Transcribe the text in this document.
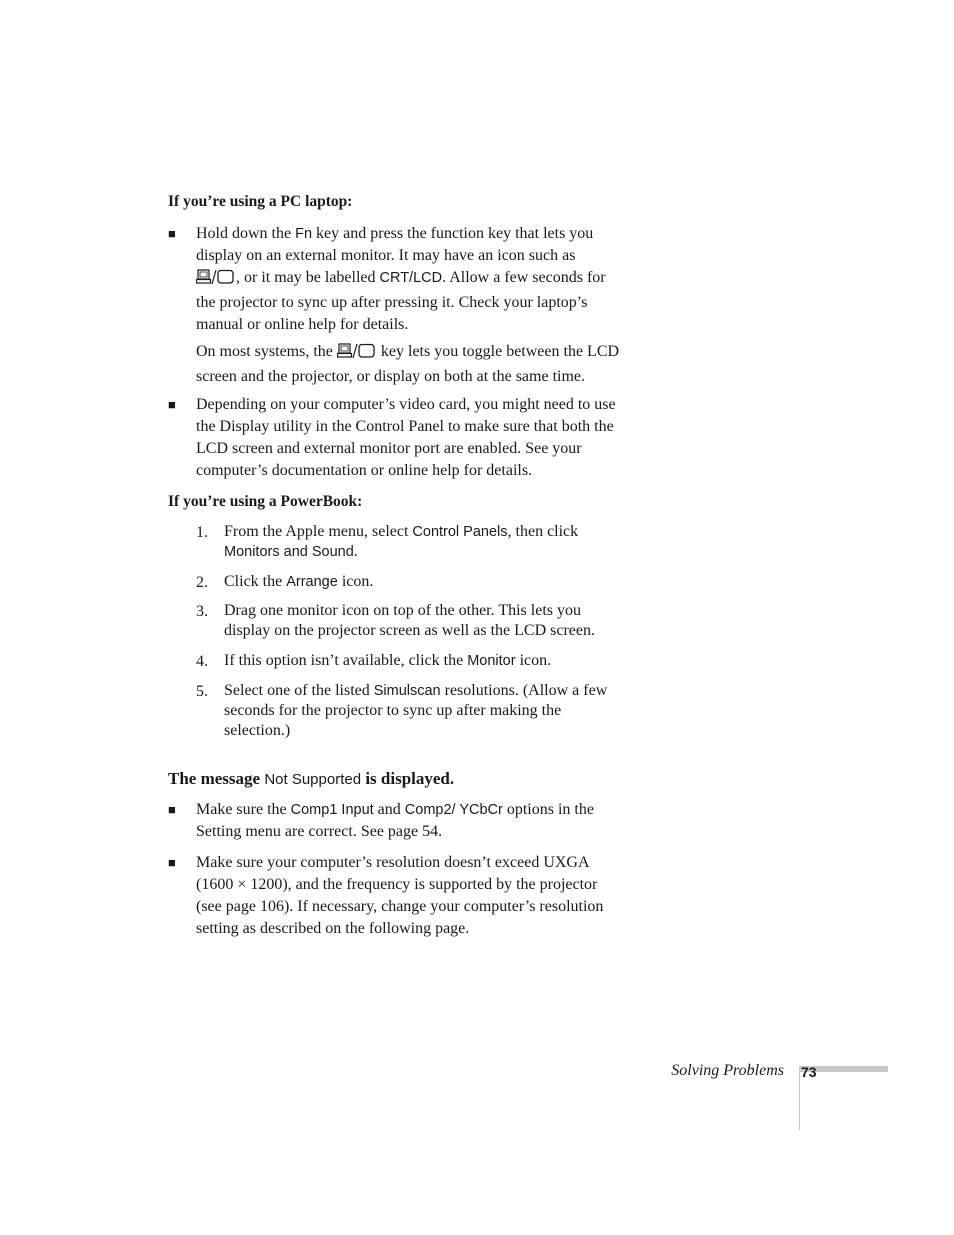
If you’re using a PC laptop:
■ Hold down the Fn key and press the function key that lets you
display on an external monitor. It may have an icon such as
, or it may be labelled CRT/LCD. Allow a few seconds for
the projector to sync up after pressing it. Check your laptop’s
manual or online help for details.
On most systems, the	key lets you toggle between the LCD
screen and the projector, or display on both at the same time.
■ Depending on your computer’s video card, you might need to use
the Display utility in the Control Panel to make sure that both the
LCD screen and external monitor port are enabled. See your
computer’s documentation or online help for details.
If you’re using a PowerBook:
1. From the Apple menu, select Control Panels, then click
Monitors and Sound.
2. Click the Arrange icon.
3. Drag one monitor icon on top of the other. This lets you
display on the projector screen as well as the LCD screen.
4. If this option isn’t available, click the Monitor icon.
5. Select one of the listed Simulscan resolutions. (Allow a few
seconds for the projector to sync up after making the
selection.)
The message Not Supported is displayed.
■ Make sure the Comp1 Input and Comp2/ YCbCr options in the
Setting menu are correct. See page 54.
■ Make sure your computer’s resolution doesn’t exceed UXGA
(1600 × 1200), and the frequency is supported by the projector
(see page 106). If necessary, change your computer’s resolution
setting as described on the following page.
Solving Problems 73
